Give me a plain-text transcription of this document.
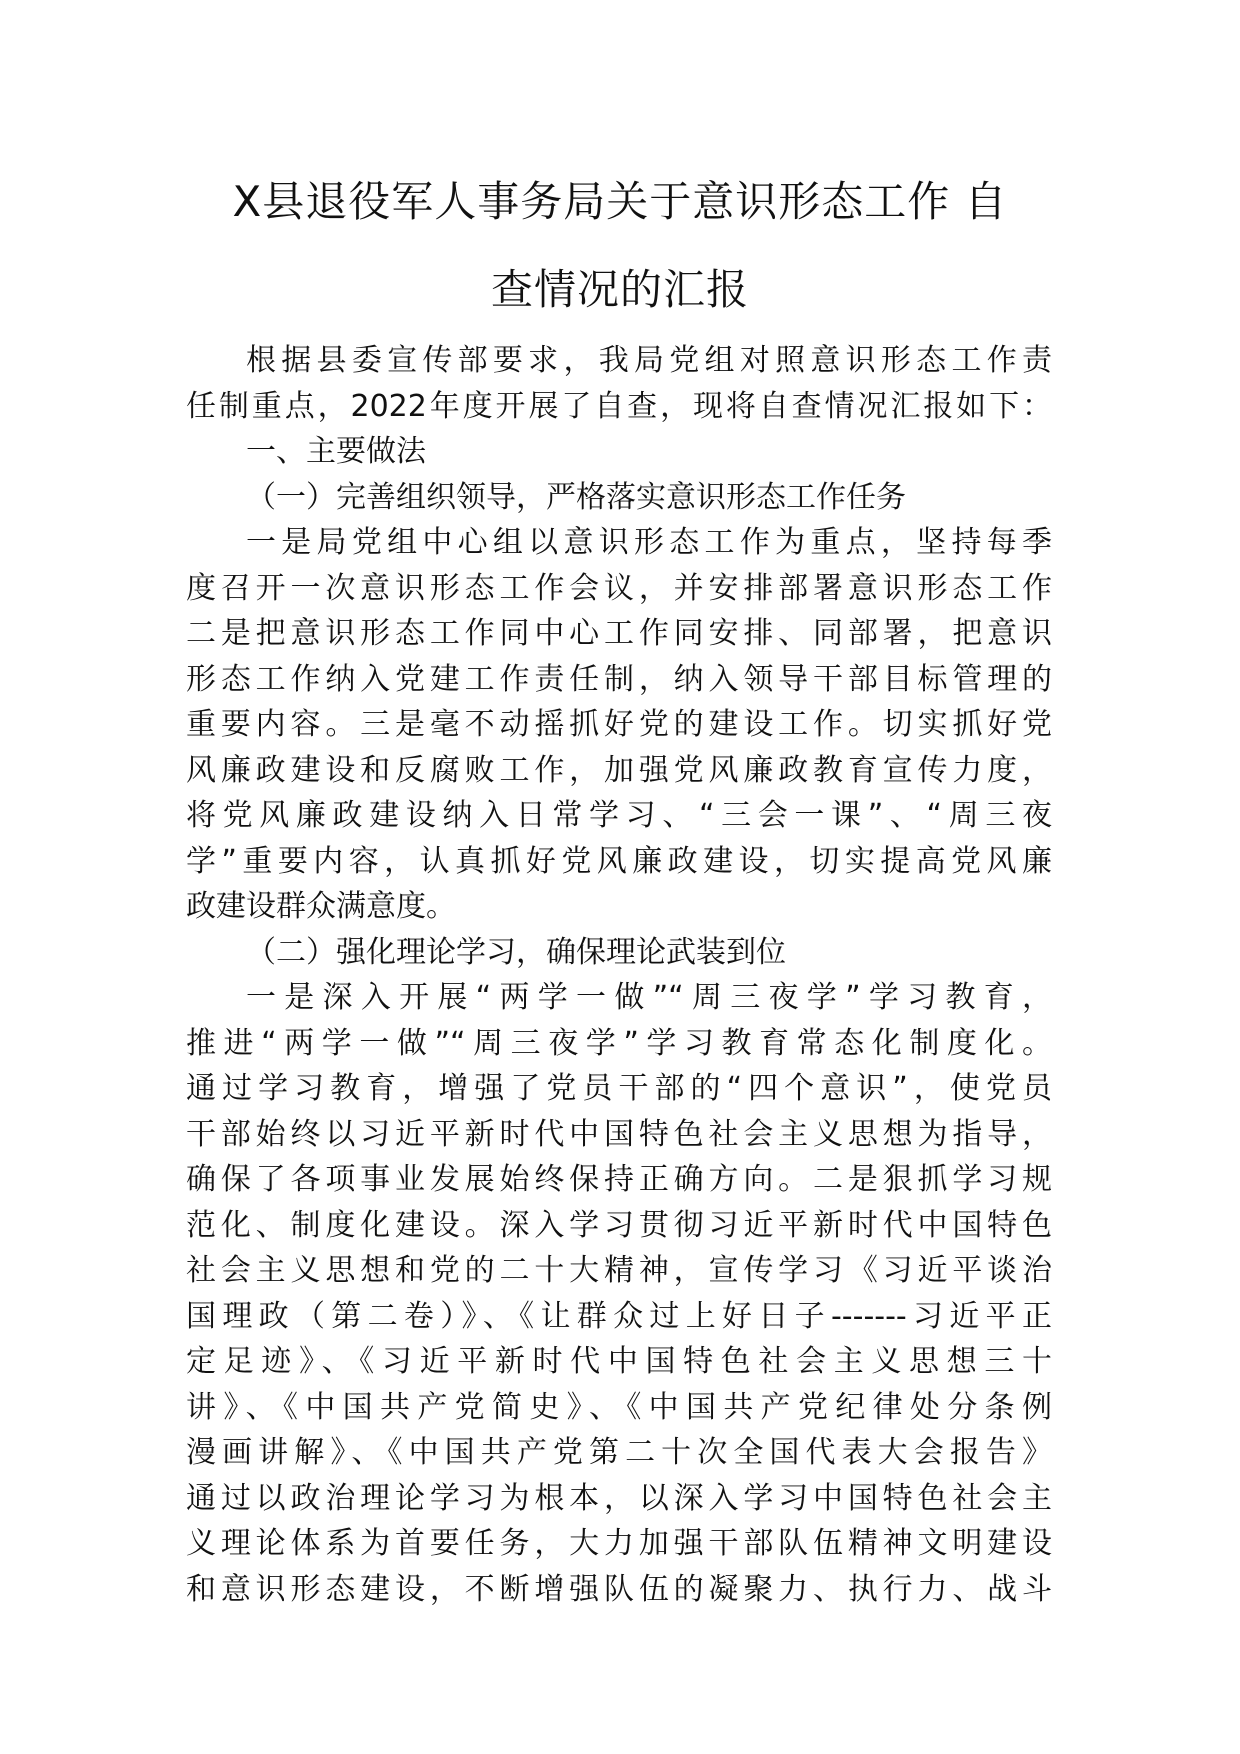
X县退役军人事务局关于意识形态工作 自
查情况的汇报
根据县委宣传部要求，我局党组对照意识形态工作责
任制重点，2022年度开展了自查，现将自查情况汇报如下：
一、主要做法
（一）完善组织领导，严格落实意识形态工作任务
一是局党组中心组以意识形态工作为重点，坚持每季
度召开一次意识形态工作会议，并安排部署意识形态工作
二是把意识形态工作同中心工作同安排、同部署，把意识
形态工作纳入党建工作责任制，纳入领导干部目标管理的
重要内容。三是毫不动摇抓好党的建设工作。切实抓好党
风廉政建设和反腐败工作，加强党风廉政教育宣传力度，
将党风廉政建设纳入日常学习、“三会一课”、“周三夜
学”重要内容，认真抓好党风廉政建设，切实提高党风廉
政建设群众满意度。
（二）强化理论学习，确保理论武装到位
一是深入开展“两学一做”“周三夜学”学习教育，
推进“两学一做”“周三夜学”学习教育常态化制度化。
通过学习教育，增强了党员干部的“四个意识”，使党员
干部始终以习近平新时代中国特色社会主义思想为指导，
确保了各项事业发展始终保持正确方向。二是狠抓学习规
范化、制度化建设。深入学习贯彻习近平新时代中国特色
社会主义思想和党的二十大精神，宣传学习《习近平谈治
国理政（第二卷）》、《让群众过上好日子-------习近平正
定足迹》、《习近平新时代中国特色社会主义思想三十
讲》、《中国共产党简史》、《中国共产党纪律处分条例
漫画讲解》、《中国共产党第二十次全国代表大会报告》
通过以政治理论学习为根本，以深入学习中国特色社会主
义理论体系为首要任务，大力加强干部队伍精神文明建设
和意识形态建设，不断增强队伍的凝聚力、执行力、战斗
